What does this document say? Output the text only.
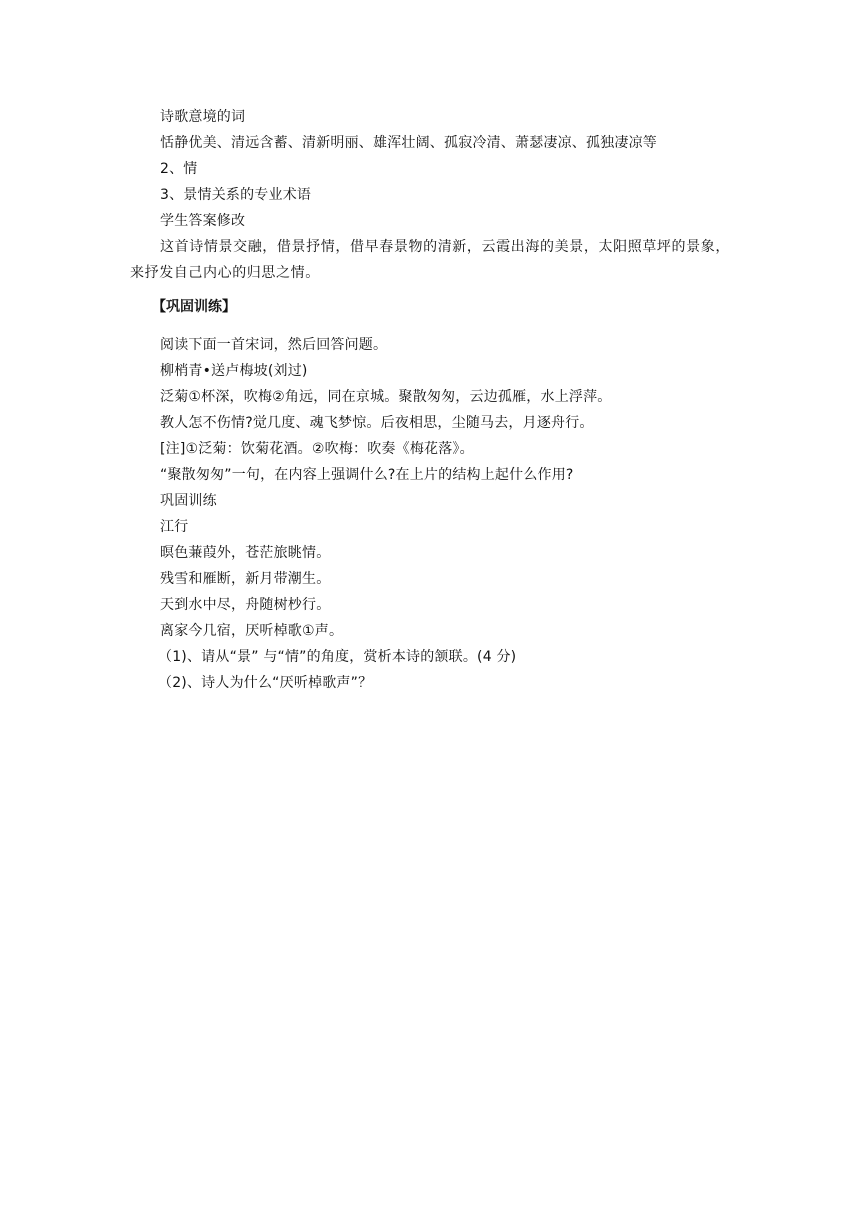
诗歌意境的词
恬静优美、清远含蓄、清新明丽、雄浑壮阔、孤寂冷清、萧瑟凄凉、孤独凄凉等
2、情
3、景情关系的专业术语
学生答案修改
这首诗情景交融，借景抒情，借早春景物的清新，云霞出海的美景，太阳照草坪的景象，来抒发自己内心的归思之情。
【巩固训练】
阅读下面一首宋词，然后回答问题。
柳梢青•送卢梅坡(刘过)
泛菊①杯深，吹梅②角远，同在京城。聚散匆匆，云边孤雁，水上浮萍。
教人怎不伤情?觉几度、魂飞梦惊。后夜相思，尘随马去，月逐舟行。
[注]①泛菊：饮菊花酒。②吹梅：吹奏《梅花落》。
“聚散匆匆”一句，在内容上强调什么?在上片的结构上起什么作用?
巩固训练
江行
暝色蒹葭外，苍茫旅眺情。
残雪和雁断，新月带潮生。
天到水中尽，舟随树杪行。
离家今几宿，厌听棹歌①声。
（1)、请从“景” 与“情”的角度，赏析本诗的颔联。(4 分)
（2)、诗人为什么“厌听棹歌声”？
